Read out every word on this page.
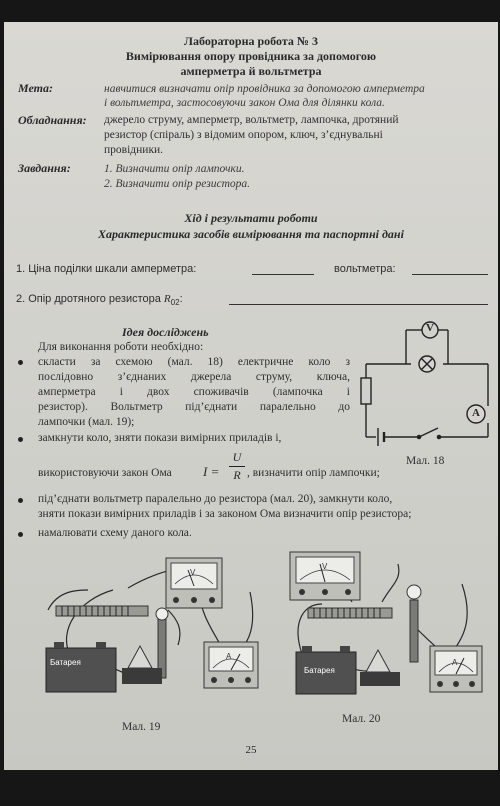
Лабораторна робота № 3
Вимірювання опору провідника за допомогою
амперметра й вольтметра
Мета:	навчитися визначати опір провідника за допомогою амперметра
і вольтметра, застосовуючи закон Ома для ділянки кола.
Обладнання: джерело струму, амперметр, вольтметр, лампочка, дротяний
резистор (спіраль) з відомим опором, ключ, з’єднувальні
провідники.
Завдання:	1. Визначити опір лампочки.
2. Визначити опір резистора.
Хід і результати роботи
Характеристика засобів вимірювання та паспортні дані
1. Ціна поділки шкали амперметра:	вольтметра:
2. Опір дротяного резистора $R_{02}$:
Ідея досліджень
Для виконання роботи необхідно:
скласти за схемою (мал. 18) електричне коло з
послідовно з’єднаних джерела струму, ключа,
амперметра і двох споживачів (лампочка і
резистор). Вольтметр під’єднати паралельно до
лампочки (мал. 19);
замкнути коло, зняти покази вимірних приладів і,
використовуючи закон Ома I =
U
R , визначити опір лампочки;
під’єднати вольтметр паралельно до резистора (мал. 20), замкнути коло,
зняти покази вимірних приладів і за законом Ома визначити опір резистора;
намалювати схему даного кола.
V
A
Мал. 18
Батарея
V
A
Мал. 19
Батарея
V
A
Мал. 20
25
